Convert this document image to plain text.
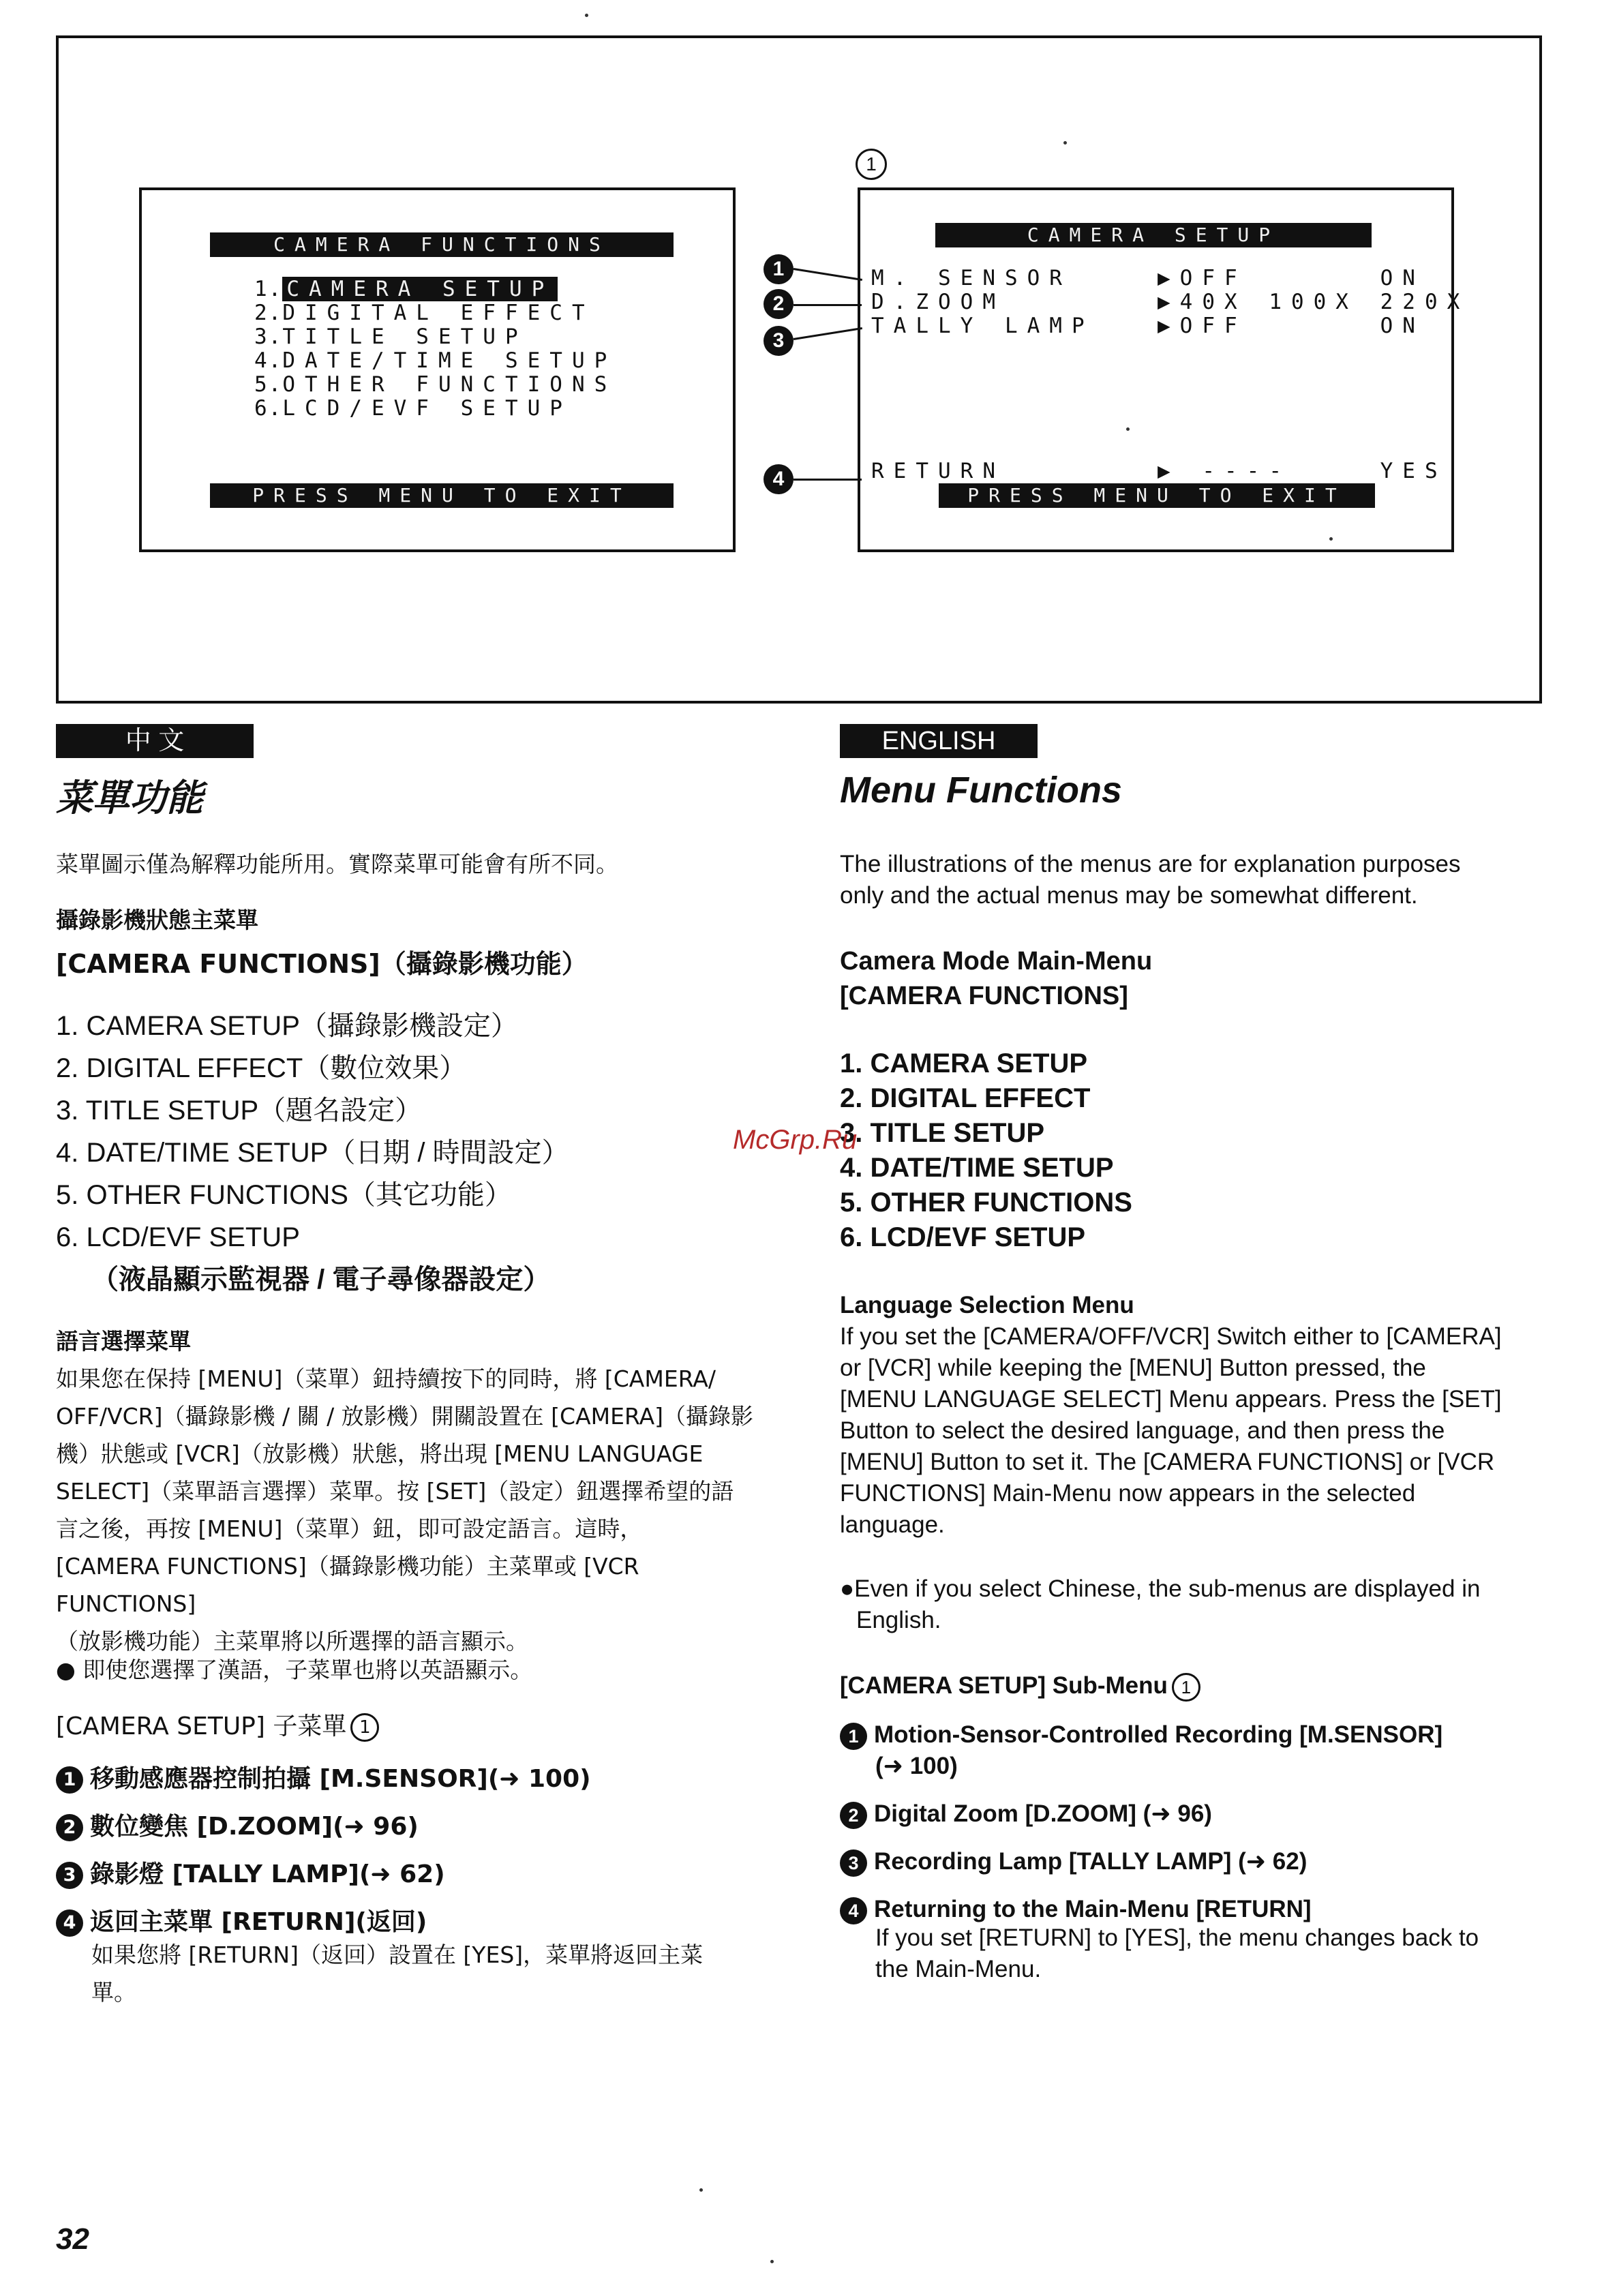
1
CAMERA FUNCTIONS
1. CAMERA SETUP
2.DIGITAL EFFECT
3.TITLE SETUP
4.DATE/TIME SETUP
5.OTHER FUNCTIONS
6.LCD/EVF SETUP
PRESS MENU TO EXIT
CAMERA SETUP
M. SENSOR	▶OFF      ON
D.ZOOM	▶40X 100X 220X
TALLY LAMP	▶OFF      ON
RETURN	▶ ----    YES
PRESS MENU TO EXIT
1
2
3
4
中 文
菜單功能
菜單圖示僅為解釋功能所用。實際菜單可能會有所不同。
攝錄影機狀態主菜單
[CAMERA FUNCTIONS]（攝錄影機功能）
1. CAMERA SETUP（攝錄影機設定）
2. DIGITAL EFFECT（數位效果）
3. TITLE SETUP（題名設定）
4. DATE/TIME SETUP（日期 / 時間設定）
5. OTHER FUNCTIONS（其它功能）
6. LCD/EVF SETUP
（液晶顯示監視器 / 電子尋像器設定）
語言選擇菜單
如果您在保持 [MENU]（菜單）鈕持續按下的同時，將 [CAMERA/
OFF/VCR]（攝錄影機 / 關 / 放影機）開關設置在 [CAMERA]（攝錄影
機）狀態或 [VCR]（放影機）狀態，將出現 [MENU LANGUAGE
SELECT]（菜單語言選擇）菜單。按 [SET]（設定）鈕選擇希望的語
言之後，再按 [MENU]（菜單）鈕，即可設定語言。這時，
[CAMERA FUNCTIONS]（攝錄影機功能）主菜單或 [VCR FUNCTIONS]
（放影機功能）主菜單將以所選擇的語言顯示。
● 即使您選擇了漢語，子菜單也將以英語顯示。
[CAMERA SETUP] 子菜單 1
1 移動感應器控制拍攝 [M.SENSOR](➜ 100)
2 數位變焦 [D.ZOOM](➜ 96)
3 錄影燈 [TALLY LAMP](➜ 62)
4 返回主菜單 [RETURN](返回)
如果您將 [RETURN]（返回）設置在 [YES]，菜單將返回主菜
單。
ENGLISH
Menu Functions
The illustrations of the menus are for explanation purposes
only and the actual menus may be somewhat different.
Camera Mode Main-Menu
[CAMERA FUNCTIONS]
1. CAMERA SETUP
2. DIGITAL EFFECT
3. TITLE SETUP
4. DATE/TIME SETUP
5. OTHER FUNCTIONS
6. LCD/EVF SETUP
Language Selection Menu
If you set the [CAMERA/OFF/VCR] Switch either to [CAMERA]
or [VCR] while keeping the [MENU] Button pressed, the
[MENU LANGUAGE SELECT] Menu appears. Press the [SET]
Button to select the desired language, and then press the
[MENU] Button to set it. The [CAMERA FUNCTIONS] or [VCR
FUNCTIONS] Main-Menu now appears in the selected
language.
●Even if you select Chinese, the sub-menus are displayed in
English.
[CAMERA SETUP] Sub-Menu 1
1 Motion-Sensor-Controlled Recording [M.SENSOR]
(➜ 100)
2 Digital Zoom [D.ZOOM] (➜ 96)
3 Recording Lamp [TALLY LAMP] (➜ 62)
4 Returning to the Main-Menu [RETURN]
If you set [RETURN] to [YES], the menu changes back to
the Main-Menu.
McGrp.Ru
32
